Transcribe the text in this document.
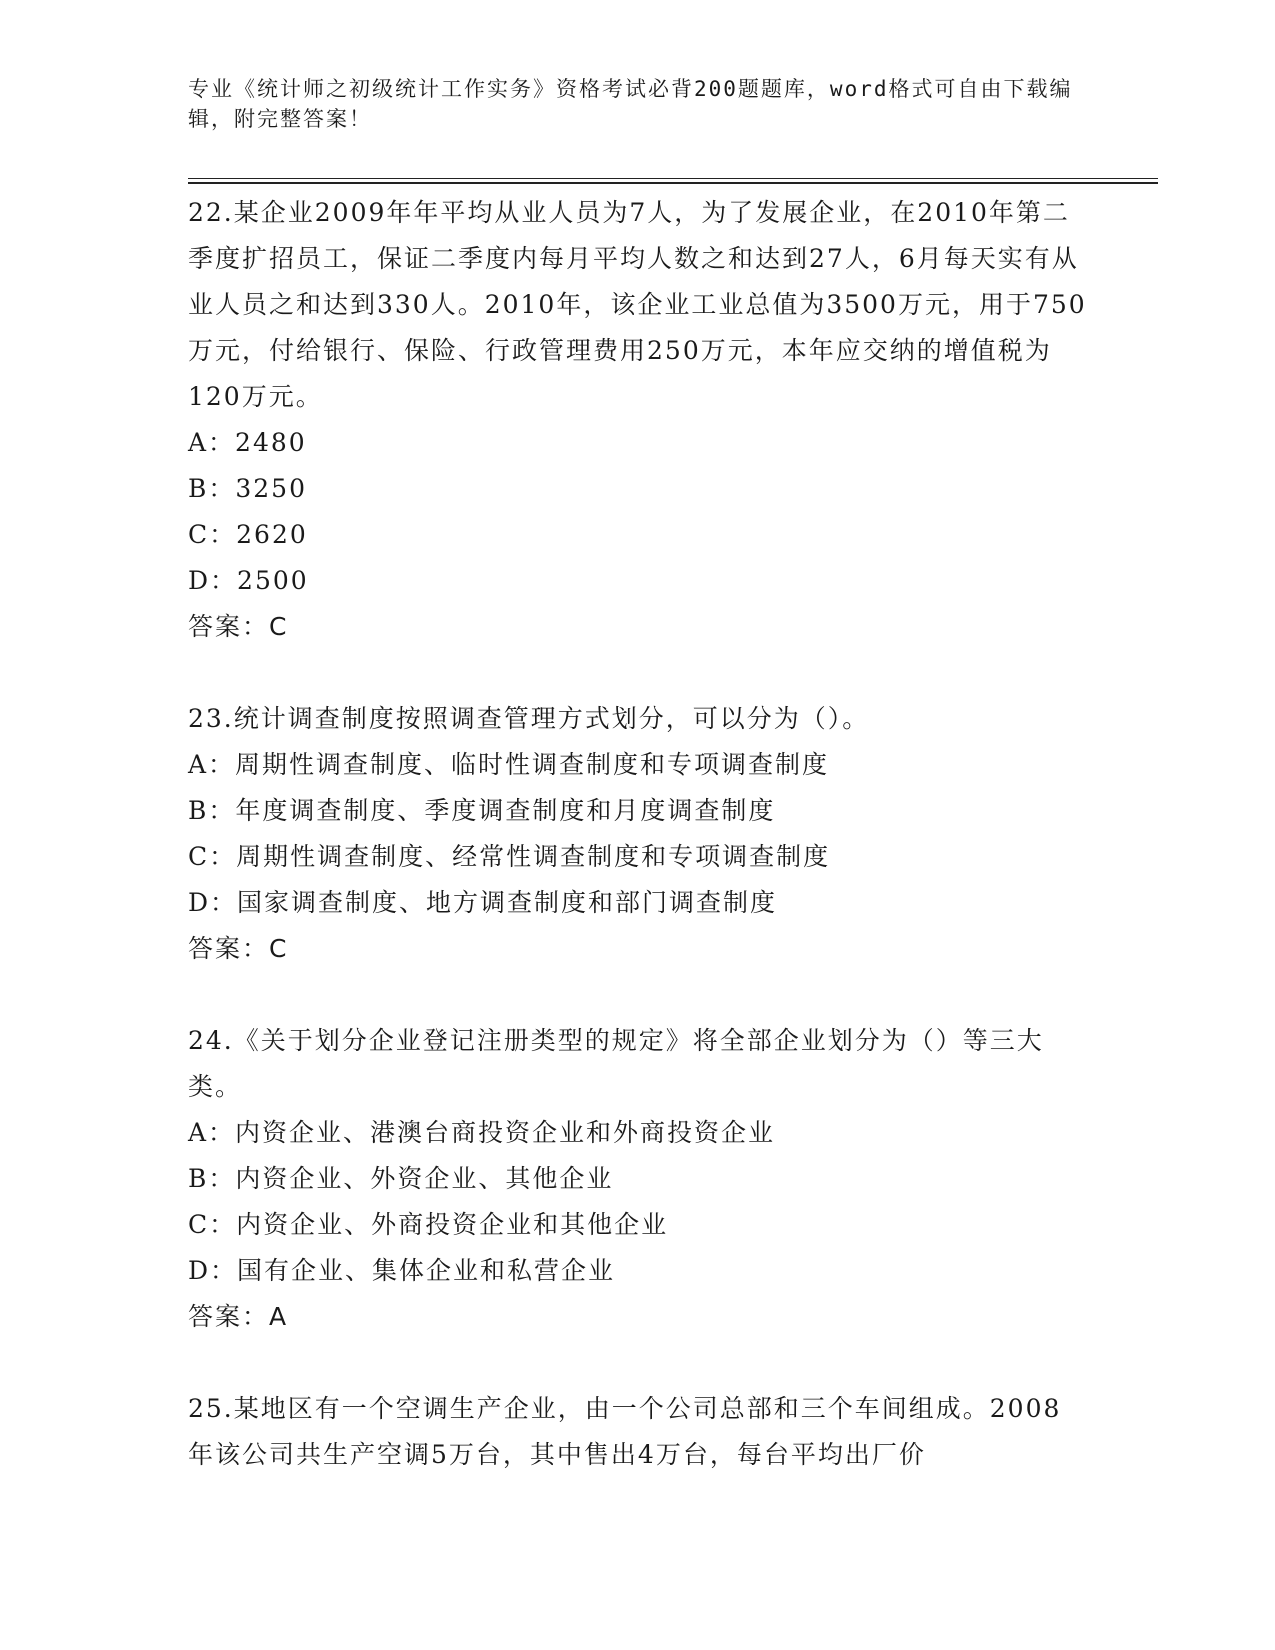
专业《统计师之初级统计工作实务》资格考试必背200题题库，word格式可自由下载编辑，附完整答案！

22.某企业2009年年平均从业人员为7人，为了发展企业，在2010年第二季度扩招员工，保证二季度内每月平均人数之和达到27人，6月每天实有从业人员之和达到330人。2010年，该企业工业总值为3500万元，用于750万元，付给银行、保险、行政管理费用250万元，本年应交纳的增值税为120万元。

A：2480

B：3250

C：2620

D：2500

答案：C

23.统计调查制度按照调查管理方式划分，可以分为（）。

A：周期性调查制度、临时性调查制度和专项调查制度

B：年度调查制度、季度调查制度和月度调查制度

C：周期性调查制度、经常性调查制度和专项调查制度

D：国家调查制度、地方调查制度和部门调查制度

答案：C

24.《关于划分企业登记注册类型的规定》将全部企业划分为（）等三大类。

A：内资企业、港澳台商投资企业和外商投资企业

B：内资企业、外资企业、其他企业

C：内资企业、外商投资企业和其他企业

D：国有企业、集体企业和私营企业

答案：A

25.某地区有一个空调生产企业，由一个公司总部和三个车间组成。2008年该公司共生产空调5万台，其中售出4万台，每台平均出厂价
